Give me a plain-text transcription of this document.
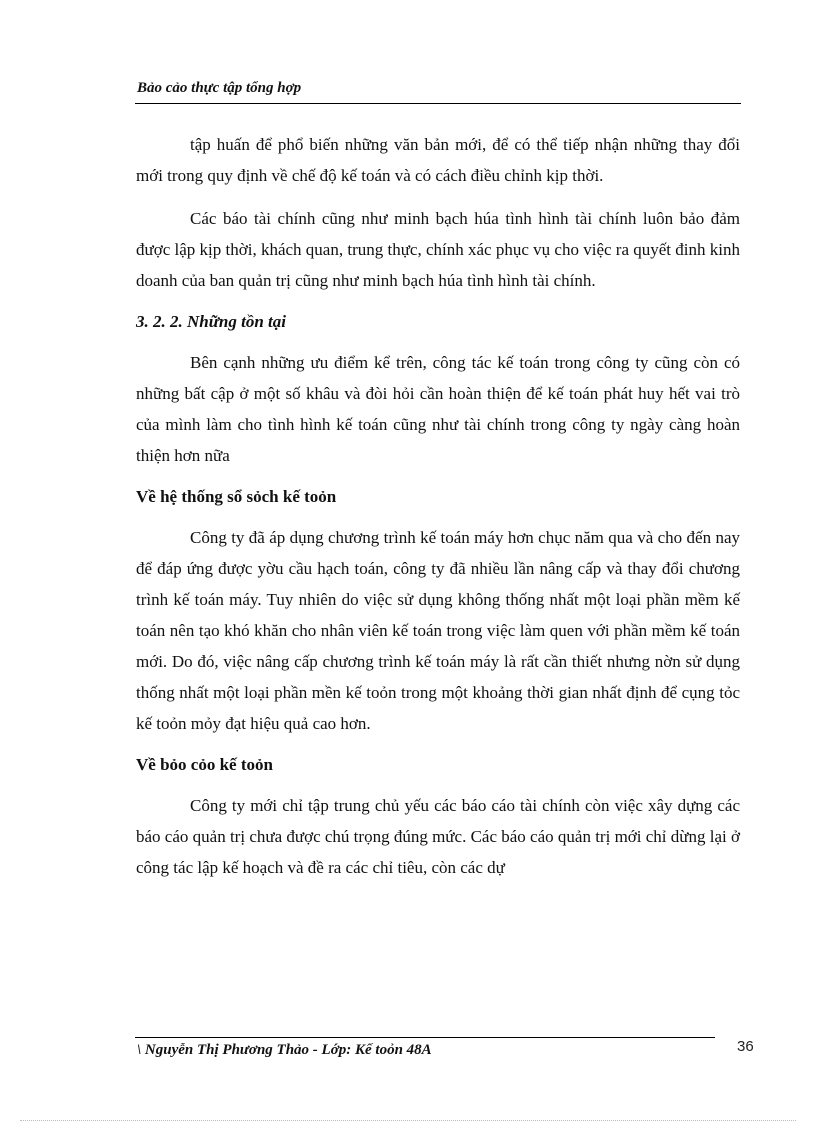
Bảo cảo thực tập tổng hợp

tập huấn để phổ biến những văn bản mới, để có thể tiếp nhận những thay đổi mới trong quy định về chế độ kế toán và có cách điều chỉnh kịp thời.

Các báo tài chính cũng như minh bạch húa tình hình tài chính luôn bảo đảm được lập kịp thời, khách quan, trung thực, chính xác phục vụ cho việc ra quyết đinh kinh doanh của ban quản trị cũng như minh bạch húa tình hình tài chính.

3. 2. 2. Những tồn tại

Bên cạnh những ưu điểm kể trên, công tác kế toán trong công ty cũng còn có những bất cập ở một số khâu và đòi hỏi cần hoàn thiện để kế toán phát huy hết vai trò của mình làm cho tình hình kế toán cũng như tài chính trong công ty ngày càng hoàn thiện hơn nữa

Về hệ thống sổ sỏch kế toỏn

Công ty đã áp dụng chương trình kế toán máy hơn chục năm qua và cho đến nay để đáp ứng được yờu cầu hạch toán, công ty đã nhiều lần nâng cấp và thay đổi chương trình kế toán máy. Tuy nhiên do việc sử dụng không thống nhất một loại phần mềm kế toán nên tạo khó khăn cho nhân viên kế toán trong việc làm quen với phần mềm kế toán mới. Do đó, việc nâng cấp chương trình kế toán máy là rất cần thiết nhưng nờn sử dụng thống nhất một loại phần mền kế toỏn trong một khoảng thời gian nhất định để cụng tỏc kế toỏn mỏy đạt hiệu quả cao hơn.

Về bỏo cỏo kế toỏn

Công ty mới chỉ tập trung chủ yếu các báo cáo tài chính còn việc xây dựng các báo cáo quản trị chưa được chú trọng đúng mức. Các báo cáo quản trị mới chỉ dừng lại ở công tác lập kế hoạch và đề ra các chỉ tiêu, còn các dự

\ Nguyễn Thị Phương Thảo - Lớp: Kế toỏn 48A	36
